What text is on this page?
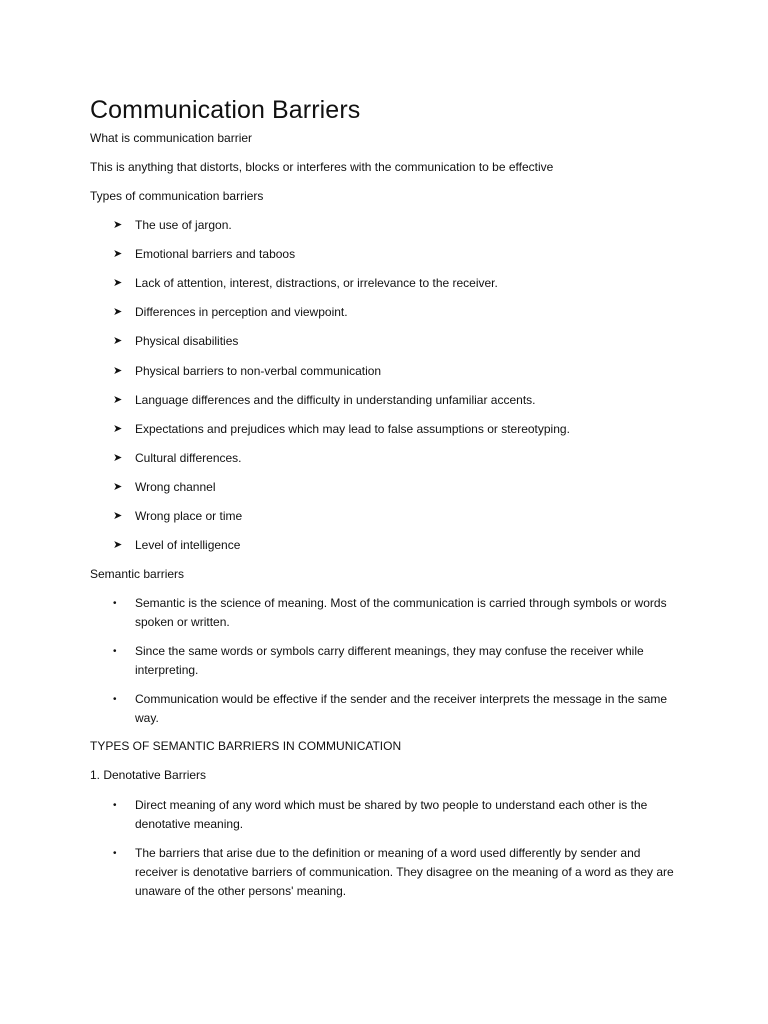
Communication Barriers

What is communication barrier

This is anything that distorts, blocks or interferes with the communication to be effective

Types of communication barriers

➤ The use of jargon.
➤ Emotional barriers and taboos
➤ Lack of attention, interest, distractions, or irrelevance to the receiver.
➤ Differences in perception and viewpoint.
➤ Physical disabilities
➤ Physical barriers to non-verbal communication
➤ Language differences and the difficulty in understanding unfamiliar accents.
➤ Expectations and prejudices which may lead to false assumptions or stereotyping.
➤ Cultural differences.
➤ Wrong channel
➤ Wrong place or time
➤ Level of intelligence

Semantic barriers

• Semantic is the science of meaning. Most of the communication is carried through symbols or words spoken or written.
• Since the same words or symbols carry different meanings, they may confuse the receiver while interpreting.
• Communication would be effective if the sender and the receiver interprets the message in the same way.

TYPES OF SEMANTIC BARRIERS IN COMMUNICATION

1. Denotative Barriers

• Direct meaning of any word which must be shared by two people to understand each other is the denotative meaning.
• The barriers that arise due to the definition or meaning of a word used differently by sender and receiver is denotative barriers of communication. They disagree on the meaning of a word as they are unaware of the other persons' meaning.
